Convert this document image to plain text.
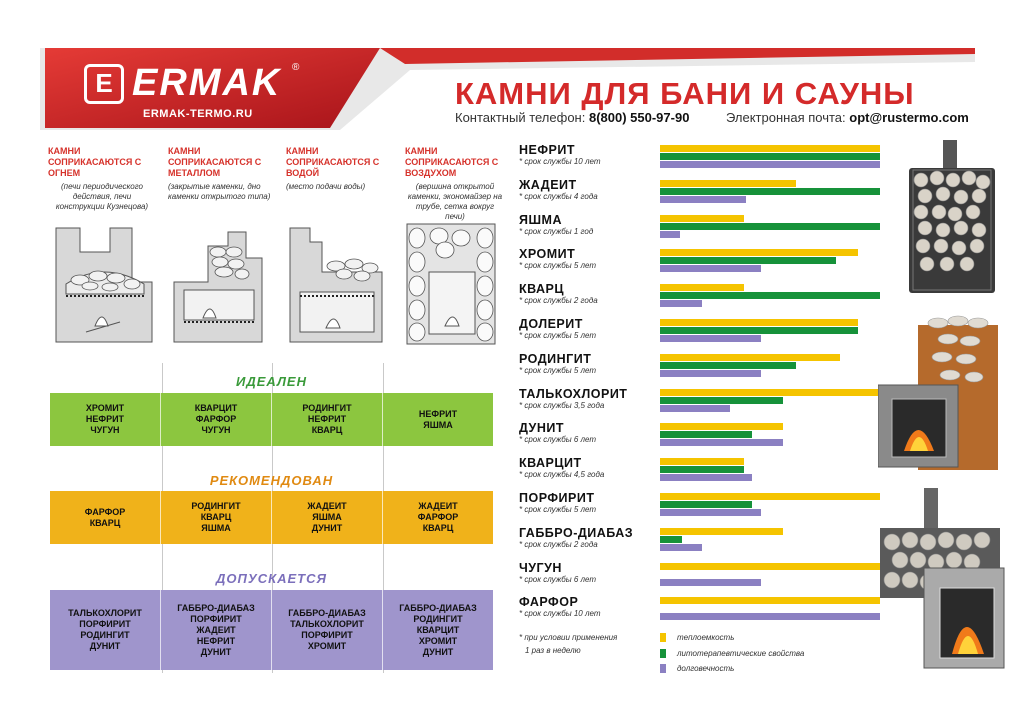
E ERMAK ®
ERMAK-TERMO.RU
КАМНИ ДЛЯ БАНИ И САУНЫ
Контактный телефон: 8(800) 550-97-90	Электронная почта: opt@rustermo.com
КАМНИ СОПРИКАСАЮТСЯ С ОГНЕМ
КАМНИ СОПРИКАСАЮТСЯ С МЕТАЛЛОМ
КАМНИ СОПРИКАСАЮТСЯ С ВОДОЙ
КАМНИ СОПРИКАСАЮТСЯ С ВОЗДУХОМ
(печи периодического действия, печи конструкции Кузнецова)
(закрытые каменки, дно каменки открытого типа)
(место подачи воды)	(вершина открытой каменки, экономайзер на трубе, сетка вокруг печи)
ИДЕАЛЕН
ХРОМИТ
НЕФРИТ
ЧУГУН
КВАРЦИТ
ФАРФОР
ЧУГУН
РОДИНГИТ
НЕФРИТ
КВАРЦ
НЕФРИТ
ЯШМА
РЕКОМЕНДОВАН
ФАРФОР
КВАРЦ
РОДИНГИТ
КВАРЦ
ЯШМА
ЖАДЕИТ
ЯШМА
ДУНИТ
ЖАДЕИТ
ФАРФОР
КВАРЦ
ДОПУСКАЕТСЯ
ТАЛЬКОХЛОРИТ
ПОРФИРИТ
РОДИНГИТ
ДУНИТ
ГАББРО-ДИАБАЗ
ПОРФИРИТ
ЖАДЕИТ
НЕФРИТ
ДУНИТ
ГАББРО-ДИАБАЗ
ТАЛЬКОХЛОРИТ
ПОРФИРИТ
ХРОМИТ
ГАББРО-ДИАБАЗ
РОДИНГИТ
КВАРЦИТ
ХРОМИТ
ДУНИТ
НЕФРИТ
* срок службы 10 лет
ЖАДЕИТ
* срок службы 4 года
ЯШМА
* срок службы 1 год
ХРОМИТ
* срок службы 5 лет
КВАРЦ
* срок службы 2 года
ДОЛЕРИТ
* срок службы 5 лет
РОДИНГИТ
* срок службы 5 лет
ТАЛЬКОХЛОРИТ
* срок службы 3,5 года
ДУНИТ
* срок службы 6 лет
КВАРЦИТ
* срок службы 4,5 года
ПОРФИРИТ
* срок службы 5 лет
ГАББРО-ДИАБАЗ
* срок службы 2 года
ЧУГУН
* срок службы 6 лет
ФАРФОР
* срок службы 10 лет
* при условии применения
1 раз в неделю
теплоемкость
литотерапевтические свойства
долговечность
